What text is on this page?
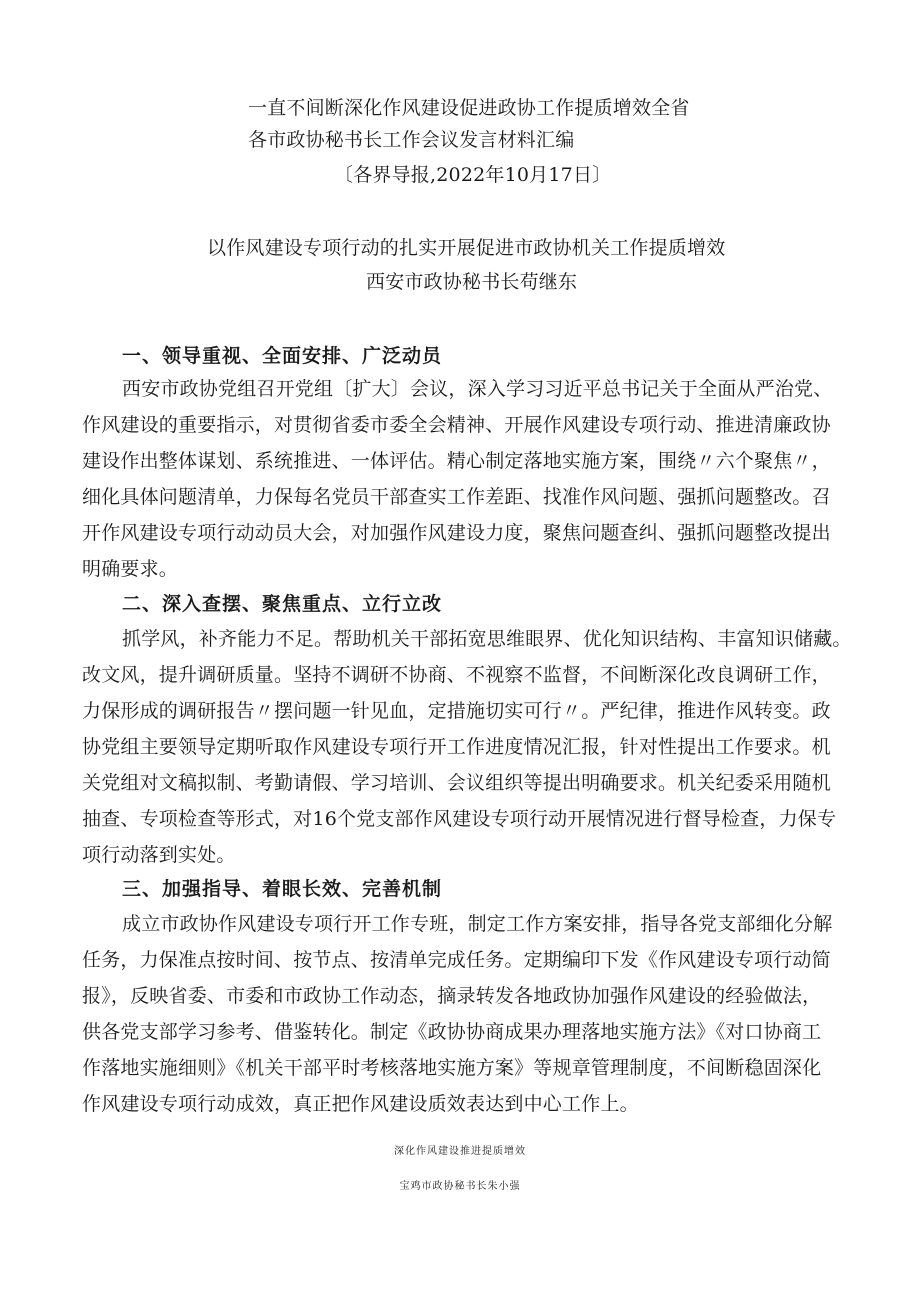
一直不间断深化作风建设促进政协工作提质增效全省
各市政协秘书长工作会议发言材料汇编
〔各界导报,2022年10月17日〕
以作风建设专项行动的扎实开展促进市政协机关工作提质增效
西安市政协秘书长苟继东
一、领导重视、全面安排、广泛动员
西安市政协党组召开党组〔扩大〕会议，深入学习习近平总书记关于全面从严治党、
作风建设的重要指示，对贯彻省委市委全会精神、开展作风建设专项行动、推进清廉政协
建设作出整体谋划、系统推进、一体评估。精心制定落地实施方案，围绕〃六个聚焦〃，
细化具体问题清单，力保每名党员干部查实工作差距、找准作风问题、强抓问题整改。召
开作风建设专项行动动员大会，对加强作风建设力度，聚焦问题查纠、强抓问题整改提出
明确要求。
二、深入查摆、聚焦重点、立行立改
抓学风，补齐能力不足。帮助机关干部拓宽思维眼界、优化知识结构、丰富知识储藏。
改文风，提升调研质量。坚持不调研不协商、不视察不监督，不间断深化改良调研工作，
力保形成的调研报告〃摆问题一针见血，定措施切实可行〃。严纪律，推进作风转变。政
协党组主要领导定期听取作风建设专项行开工作进度情况汇报，针对性提出工作要求。机
关党组对文稿拟制、考勤请假、学习培训、会议组织等提出明确要求。机关纪委采用随机
抽查、专项检查等形式，对16个党支部作风建设专项行动开展情况进行督导检查，力保专
项行动落到实处。
三、加强指导、着眼长效、完善机制
成立市政协作风建设专项行开工作专班，制定工作方案安排，指导各党支部细化分解
任务，力保准点按时间、按节点、按清单完成任务。定期编印下发《作风建设专项行动简
报》，反映省委、市委和市政协工作动态，摘录转发各地政协加强作风建设的经验做法，
供各党支部学习参考、借鉴转化。制定《政协协商成果办理落地实施方法》《对口协商工
作落地实施细则》《机关干部平时考核落地实施方案》等规章管理制度，不间断稳固深化
作风建设专项行动成效，真正把作风建设质效表达到中心工作上。
深化作风建设推进提质增效
宝鸡市政协秘书长朱小强
